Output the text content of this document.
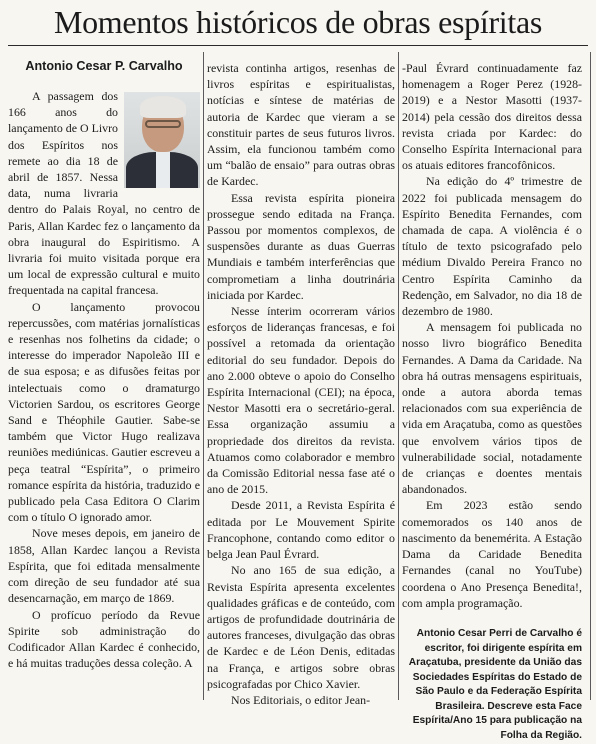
Momentos históricos de obras espíritas
Antonio Cesar P. Carvalho

A passagem dos 166 anos do lançamento de O Livro dos Espíritos nos remete ao dia 18 de abril de 1857. Nessa data, numa livraria dentro do Palais Royal, no centro de Paris, Allan Kardec fez o lançamento da obra inaugural do Espiritismo. A livraria foi muito visitada porque era um local de expressão cultural e muito frequentada na capital francesa.

O lançamento provocou repercussões, com matérias jornalísticas e resenhas nos folhetins da cidade; o interesse do imperador Napoleão III e de sua esposa; e as difusões feitas por intelectuais como o dramaturgo Victorien Sardou, os escritores George Sand e Théophile Gautier. Sabe-se também que Victor Hugo realizava reuniões mediúnicas. Gautier escreveu a peça teatral “Espírita”, o primeiro romance espírita da história, traduzido e publicado pela Casa Editora O Clarim com o título O ignorado amor.

Nove meses depois, em janeiro de 1858, Allan Kardec lançou a Revista Espírita, que foi editada mensalmente com direção de seu fundador até sua desencarnação, em março de 1869.

O profícuo período da Revue Spirite sob administração do Codificador Allan Kardec é conhecido, e há muitas traduções dessa coleção. A

revista continha artigos, resenhas de livros espíritas e espiritualistas, notícias e síntese de matérias de autoria de Kardec que vieram a se constituir partes de seus futuros livros. Assim, ela funcionou também como um “balão de ensaio” para outras obras de Kardec.

Essa revista espírita pioneira prossegue sendo editada na França. Passou por momentos complexos, de suspensões durante as duas Guerras Mundiais e também interferências que comprometiam a linha doutrinária iniciada por Kardec.

Nesse ínterim ocorreram vários esforços de lideranças francesas, e foi possível a retomada da orientação editorial do seu fundador. Depois do ano 2.000 obteve o apoio do Conselho Espírita Internacional (CEI); na época, Nestor Masotti era o secretário-geral. Essa organização assumiu a propriedade dos direitos da revista. Atuamos como colaborador e membro da Comissão Editorial nessa fase até o ano de 2015.

Desde 2011, a Revista Espírita é editada por Le Mouvement Spirite Francophone, contando como editor o belga Jean Paul Évrard.

No ano 165 de sua edição, a Revista Espírita apresenta excelentes qualidades gráficas e de conteúdo, com artigos de profundidade doutrinária de autores franceses, divulgação das obras de Kardec e de Léon Denis, editadas na França, e artigos sobre obras psicografadas por Chico Xavier.

Nos Editoriais, o editor Jean-

-Paul Évrard continuadamente faz homenagem a Roger Perez (1928-2019) e a Nestor Masotti (1937-2014) pela cessão dos direitos dessa revista criada por Kardec: do Conselho Espírita Internacional para os atuais editores francofônicos.

Na edição do 4º trimestre de 2022 foi publicada mensagem do Espírito Benedita Fernandes, com chamada de capa. A violência é o título de texto psicografado pelo médium Divaldo Pereira Franco no Centro Espírita Caminho da Redenção, em Salvador, no dia 18 de dezembro de 1980.

A mensagem foi publicada no nosso livro biográfico Benedita Fernandes. A Dama da Caridade. Na obra há outras mensagens espirituais, onde a autora aborda temas relacionados com sua experiência de vida em Araçatuba, como as questões que envolvem vários tipos de vulnerabilidade social, notadamente de crianças e doentes mentais abandonados.

Em 2023 estão sendo comemorados os 140 anos de nascimento da benemérita. A Estação Dama da Caridade Benedita Fernandes (canal no YouTube) coordena o Ano Presença Benedita!, com ampla programação.

Antonio Cesar Perri de Carvalho é escritor, foi dirigente espírita em Araçatuba, presidente da União das Sociedades Espíritas do Estado de São Paulo e da Federação Espírita Brasileira. Descreve esta Face Espírita/Ano 15 para publicação na Folha da Região.
